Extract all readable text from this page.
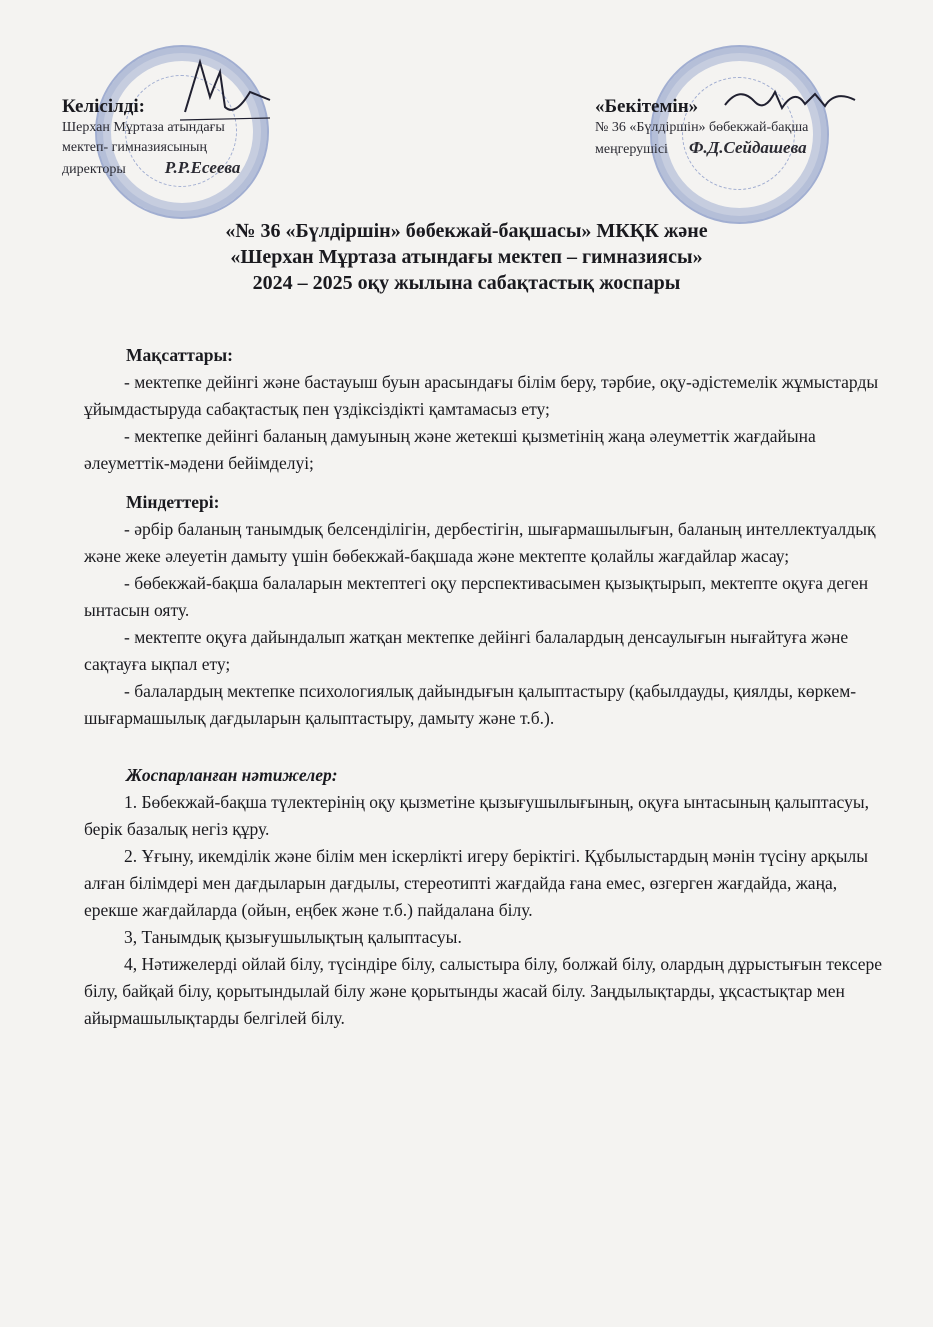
Келісілді:
Шерхан Мұртаза атындағы
мектеп- гимназиясының
директоры Р.Р.Есеева
«Бекітемін»
№ 36 «Бүлдіршін» бөбекжай-бақша
меңгерушісі Ф.Д.Сейдашева
«№ 36 «Бүлдіршін» бөбекжай-бақшасы» МКҚК және
«Шерхан Мұртаза атындағы мектеп – гимназиясы»
2024 – 2025 оқу жылына сабақтастық жоспары
Мақсаттары:

- мектепке дейінгі және бастауыш буын арасындағы білім беру, тәрбие, оқу-әдістемелік жұмыстарды ұйымдастыруда сабақтастық пен үздіксіздікті қамтамасыз ету;

- мектепке дейінгі баланың дамуының және жетекші қызметінің жаңа әлеуметтік жағдайына әлеуметтік-мәдени бейімделуі;

Міндеттері:

- әрбір баланың танымдық белсенділігін, дербестігін, шығармашылығын, баланың интеллектуалдық және жеке әлеуетін дамыту үшін бөбекжай-бақшада және мектепте қолайлы жағдайлар жасау;

- бөбекжай-бақша балаларын мектептегі оқу перспективасымен қызықтырып, мектепте оқуға деген ынтасын ояту.

- мектепте оқуға дайындалып жатқан мектепке дейінгі балалардың денсаулығын нығайтуға және сақтауға ықпал ету;

- балалардың мектепке психологиялық дайындығын қалыптастыру (қабылдауды, қиялды, көркем-шығармашылық дағдыларын қалыптастыру, дамыту және т.б.).

Жоспарланған нәтижелер:

1. Бөбекжай-бақша түлектерінің оқу қызметіне қызығушылығының, оқуға ынтасының қалыптасуы, берік базалық негіз құру.

2. Ұғыну, икемділік және білім мен іскерлікті игеру беріктігі. Құбылыстардың мәнін түсіну арқылы алған білімдері мен дағдыларын дағдылы, стереотипті жағдайда ғана емес, өзгерген жағдайда, жаңа, ерекше жағдайларда (ойын, еңбек және т.б.) пайдалана білу.

3, Танымдық қызығушылықтың қалыптасуы.

4, Нәтижелерді ойлай білу, түсіндіре білу, салыстыра білу, болжай білу, олардың дұрыстығын тексере білу, байқай білу, қорытындылай білу және қорытынды жасай білу. Заңдылықтарды, ұқсастықтар мен айырмашылықтарды белгілей білу.
